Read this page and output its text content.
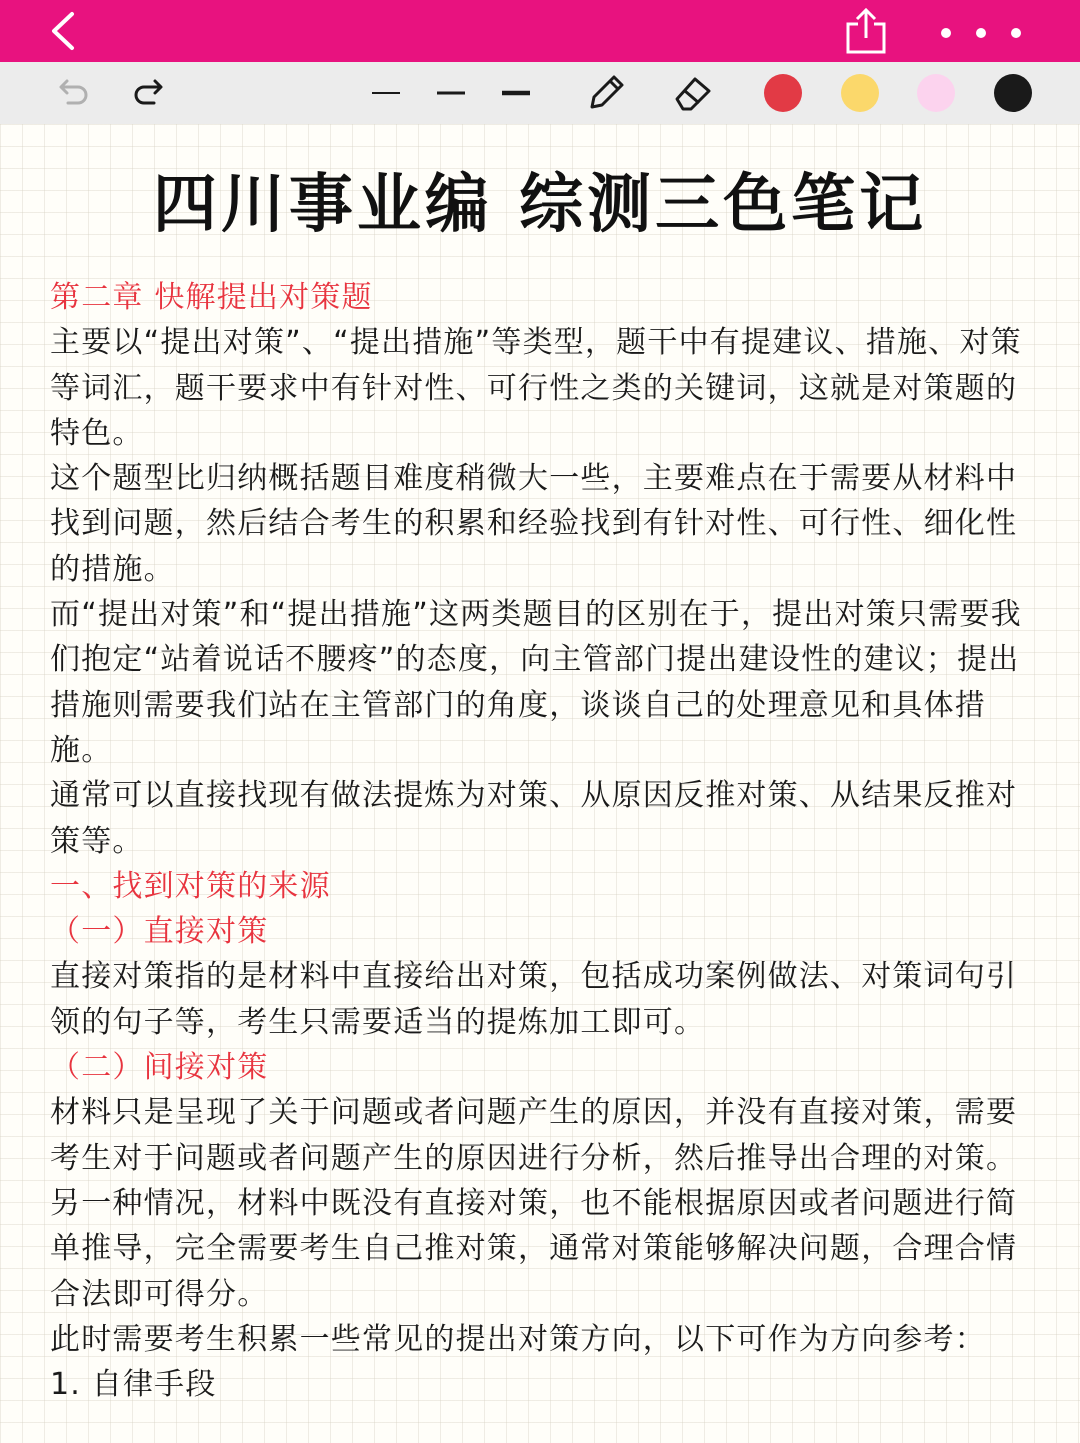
四川事业编 综测三色笔记

第二章 快解提出对策题

主要以“提出对策”、“提出措施”等类型，题干中有提建议、措施、对策等词汇，题干要求中有针对性、可行性之类的关键词，这就是对策题的特色。

这个题型比归纳概括题目难度稍微大一些，主要难点在于需要从材料中找到问题，然后结合考生的积累和经验找到有针对性、可行性、细化性的措施。

而“提出对策”和“提出措施”这两类题目的区别在于，提出对策只需要我们抱定“站着说话不腰疼”的态度，向主管部门提出建设性的建议；提出措施则需要我们站在主管部门的角度，谈谈自己的处理意见和具体措施。

通常可以直接找现有做法提炼为对策、从原因反推对策、从结果反推对策等。

一、找到对策的来源

（一）直接对策

直接对策指的是材料中直接给出对策，包括成功案例做法、对策词句引领的句子等，考生只需要适当的提炼加工即可。

（二）间接对策

材料只是呈现了关于问题或者问题产生的原因，并没有直接对策，需要考生对于问题或者问题产生的原因进行分析，然后推导出合理的对策。另一种情况，材料中既没有直接对策，也不能根据原因或者问题进行简单推导，完全需要考生自己推对策，通常对策能够解决问题，合理合情合法即可得分。

此时需要考生积累一些常见的提出对策方向，以下可作为方向参考：

1. 自律手段
